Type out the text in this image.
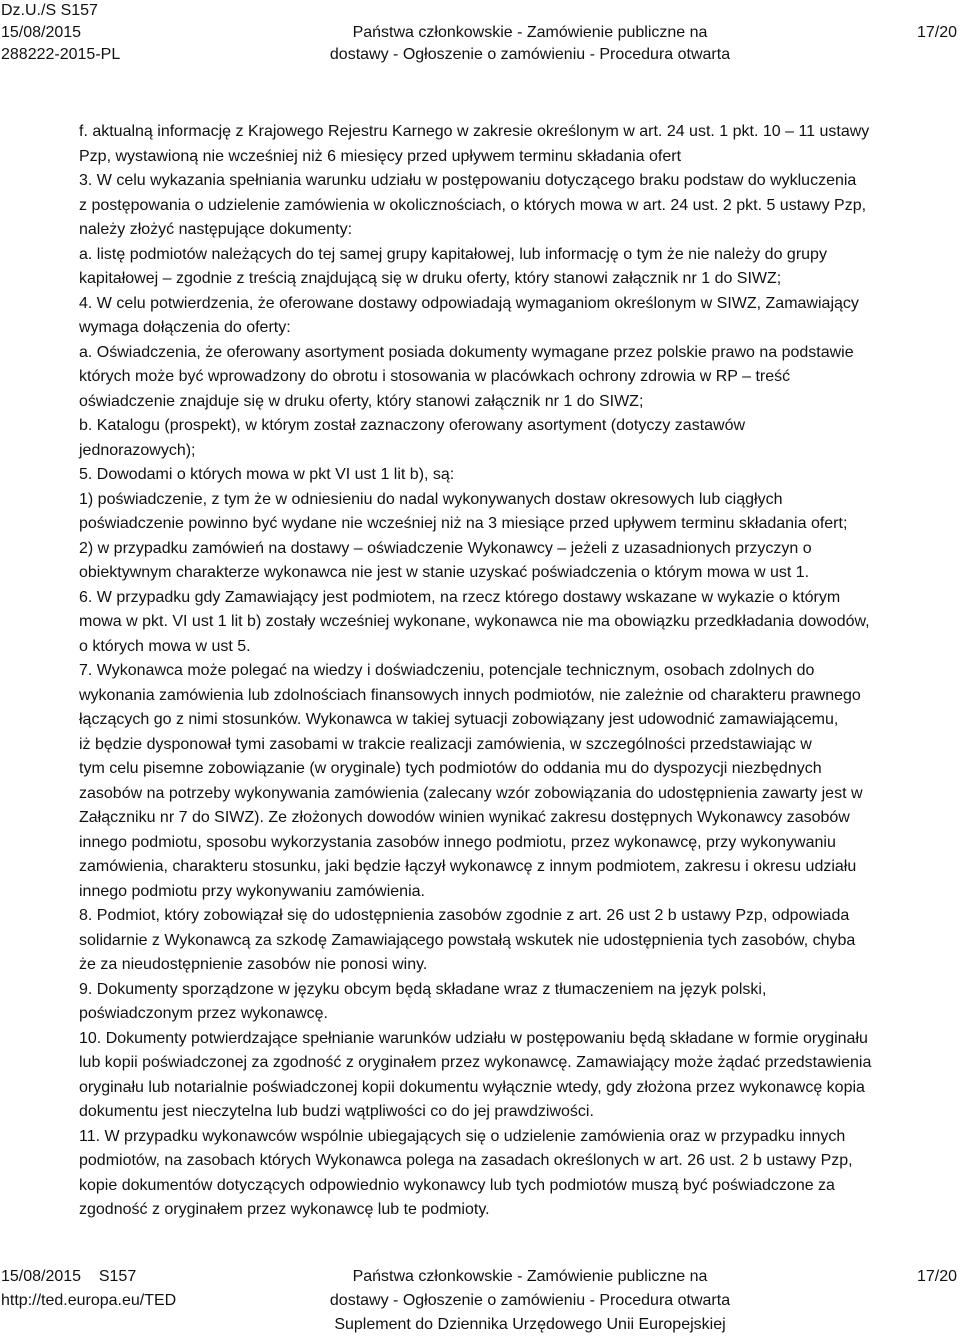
Dz.U./S S157
15/08/2015
288222-2015-PL
Państwa członkowskie - Zamówienie publiczne na
dostawy - Ogłoszenie o zamówieniu - Procedura otwarta
17/20
f. aktualną informację z Krajowego Rejestru Karnego w zakresie określonym w art. 24 ust. 1 pkt. 10 – 11 ustawy
Pzp, wystawioną nie wcześniej niż 6 miesięcy przed upływem terminu składania ofert
3. W celu wykazania spełniania warunku udziału w postępowaniu dotyczącego braku podstaw do wykluczenia
z postępowania o udzielenie zamówienia w okolicznościach, o których mowa w art. 24 ust. 2 pkt. 5 ustawy Pzp,
należy złożyć następujące dokumenty:
a. listę podmiotów należących do tej samej grupy kapitałowej, lub informację o tym że nie należy do grupy
kapitałowej – zgodnie z treścią znajdującą się w druku oferty, który stanowi załącznik nr 1 do SIWZ;
4. W celu potwierdzenia, że oferowane dostawy odpowiadają wymaganiom określonym w SIWZ, Zamawiający
wymaga dołączenia do oferty:
a. Oświadczenia, że oferowany asortyment posiada dokumenty wymagane przez polskie prawo na podstawie
których może być wprowadzony do obrotu i stosowania w placówkach ochrony zdrowia w RP – treść
oświadczenie znajduje się w druku oferty, który stanowi załącznik nr 1 do SIWZ;
b. Katalogu (prospekt), w którym został zaznaczony oferowany asortyment (dotyczy zastawów
jednorazowych);
5. Dowodami o których mowa w pkt VI ust 1 lit b), są:
1) poświadczenie, z tym że w odniesieniu do nadal wykonywanych dostaw okresowych lub ciągłych
poświadczenie powinno być wydane nie wcześniej niż na 3 miesiące przed upływem terminu składania ofert;
2) w przypadku zamówień na dostawy – oświadczenie Wykonawcy – jeżeli z uzasadnionych przyczyn o
obiektywnym charakterze wykonawca nie jest w stanie uzyskać poświadczenia o którym mowa w ust 1.
6. W przypadku gdy Zamawiający jest podmiotem, na rzecz którego dostawy wskazane w wykazie o którym
mowa w pkt. VI ust 1 lit b) zostały wcześniej wykonane, wykonawca nie ma obowiązku przedkładania dowodów,
o których mowa w ust 5.
7. Wykonawca może polegać na wiedzy i doświadczeniu, potencjale technicznym, osobach zdolnych do
wykonania zamówienia lub zdolnościach finansowych innych podmiotów, nie zależnie od charakteru prawnego
łączących go z nimi stosunków. Wykonawca w takiej sytuacji zobowiązany jest udowodnić zamawiającemu,
iż będzie dysponował tymi zasobami w trakcie realizacji zamówienia, w szczególności przedstawiając w
tym celu pisemne zobowiązanie (w oryginale) tych podmiotów do oddania mu do dyspozycji niezbędnych
zasobów na potrzeby wykonywania zamówienia (zalecany wzór zobowiązania do udostępnienia zawarty jest w
Załączniku nr 7 do SIWZ). Ze złożonych dowodów winien wynikać zakresu dostępnych Wykonawcy zasobów
innego podmiotu, sposobu wykorzystania zasobów innego podmiotu, przez wykonawcę, przy wykonywaniu
zamówienia, charakteru stosunku, jaki będzie łączył wykonawcę z innym podmiotem, zakresu i okresu udziału
innego podmiotu przy wykonywaniu zamówienia.
8. Podmiot, który zobowiązał się do udostępnienia zasobów zgodnie z art. 26 ust 2 b ustawy Pzp, odpowiada
solidarnie z Wykonawcą za szkodę Zamawiającego powstałą wskutek nie udostępnienia tych zasobów, chyba
że za nieudostępnienie zasobów nie ponosi winy.
9. Dokumenty sporządzone w języku obcym będą składane wraz z tłumaczeniem na język polski,
poświadczonym przez wykonawcę.
10. Dokumenty potwierdzające spełnianie warunków udziału w postępowaniu będą składane w formie oryginału
lub kopii poświadczonej za zgodność z oryginałem przez wykonawcę. Zamawiający może żądać przedstawienia
oryginału lub notarialnie poświadczonej kopii dokumentu wyłącznie wtedy, gdy złożona przez wykonawcę kopia
dokumentu jest nieczytelna lub budzi wątpliwości co do jej prawdziwości.
11. W przypadku wykonawców wspólnie ubiegających się o udzielenie zamówienia oraz w przypadku innych
podmiotów, na zasobach których Wykonawca polega na zasadach określonych w art. 26 ust. 2 b ustawy Pzp,
kopie dokumentów dotyczących odpowiednio wykonawcy lub tych podmiotów muszą być poświadczone za
zgodność z oryginałem przez wykonawcę lub te podmioty.
15/08/2015    S157
http://ted.europa.eu/TED
Państwa członkowskie - Zamówienie publiczne na
dostawy - Ogłoszenie o zamówieniu - Procedura otwarta
Suplement do Dziennika Urzędowego Unii Europejskiej
17/20
